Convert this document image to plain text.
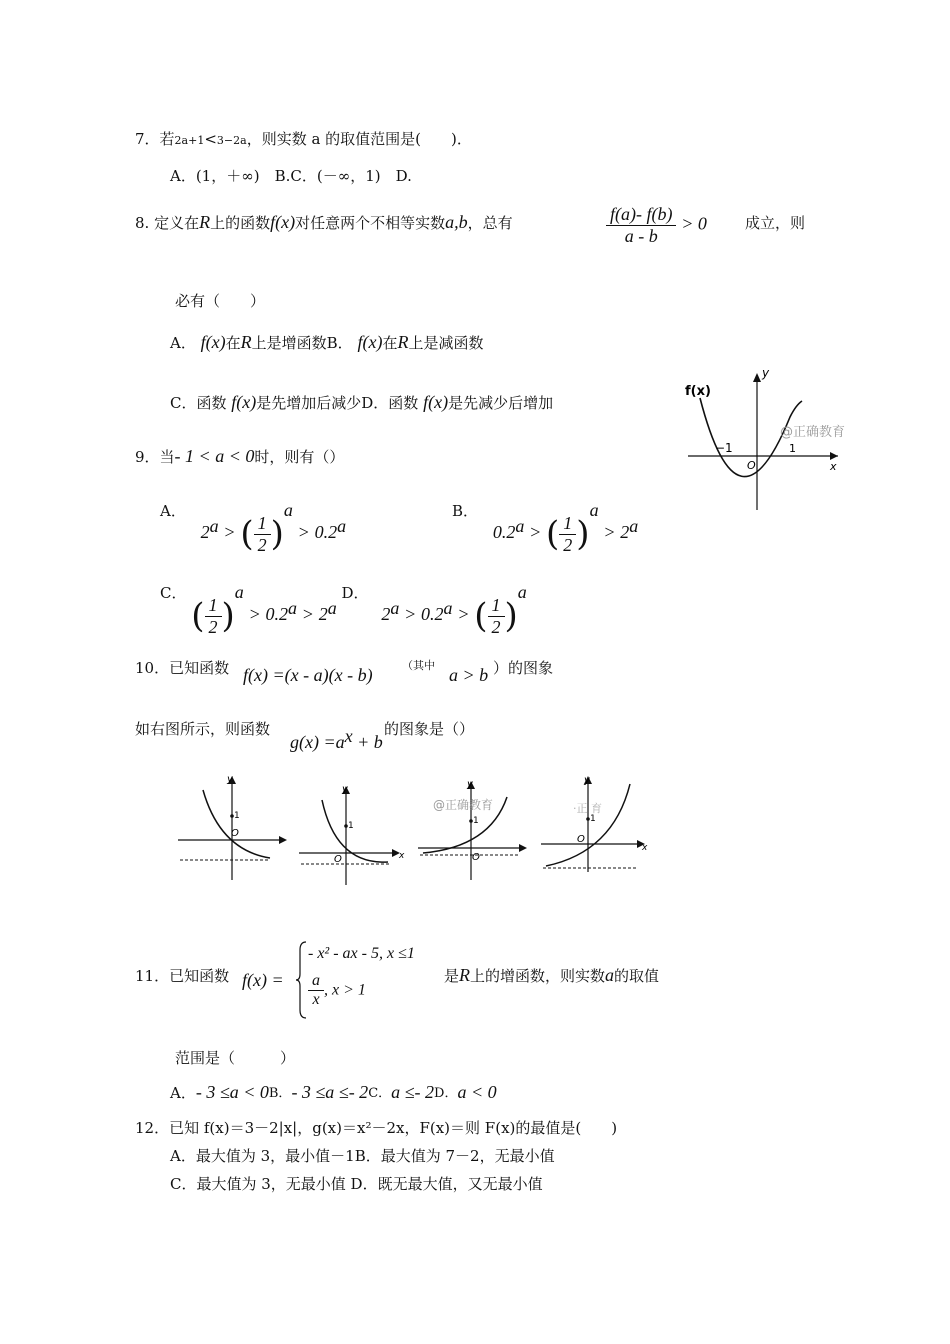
7．若2a+1<3−2a，则实数 a 的取值范围是(　　)．
A．(1，＋∞)　B.C．(－∞，1)　D.
8. 定义在R上的函数f(x)对任意两个不相等实数a,b，总有	$\frac{f(a)- f(b)}{a - b} > 0$	成立，则
必有（　　）
A． f(x)在R上是增函数B． f(x)在R上是减函数
C．函数 f(x)是先增加后减少D．函数 f(x)是先减少后增加
y
f(x)
x
−1
O
1
@正确教育
9．当- 1 < a < 0时，则有（）
A． $2^a$ > ( $\frac{1}{2} )^a > 0.2^a$
B． 0.2$^a$ > ( $\frac{1}{2} )^a > 2^a$
C． ( $\frac{1}{2} )^a > 0.2^a > 2^a$ D． $2^a > 0.2^a$ > ( $\frac{1}{2} )^a$
10．已知函数 f(x) =(x - a)(x - b)	（其中 a > b ）的图象
如右图所示，则函数
$g(x) =a^x + b$
的图象是（）
y
1
O
y
1
O	x
y
1
O
@正确教育
y
1
O
x
·正 育
11．已知函数 f(x) =
- x² - ax - 5, x ≤1
$\frac{a}{x}$ , x > 1
是R上的增函数，则实数a的取值
范围是（　　　）
A．- 3 ≤a < 0B．- 3 ≤a ≤- 2C．a ≤- 2D．a < 0
12．已知 f(x)＝3－2|x|，g(x)＝x²－2x，F(x)＝则 F(x)的最值是(　　)
A．最大值为 3，最小值－1B．最大值为 7－2，无最小值
C．最大值为 3，无最小值 D．既无最大值，又无最小值
